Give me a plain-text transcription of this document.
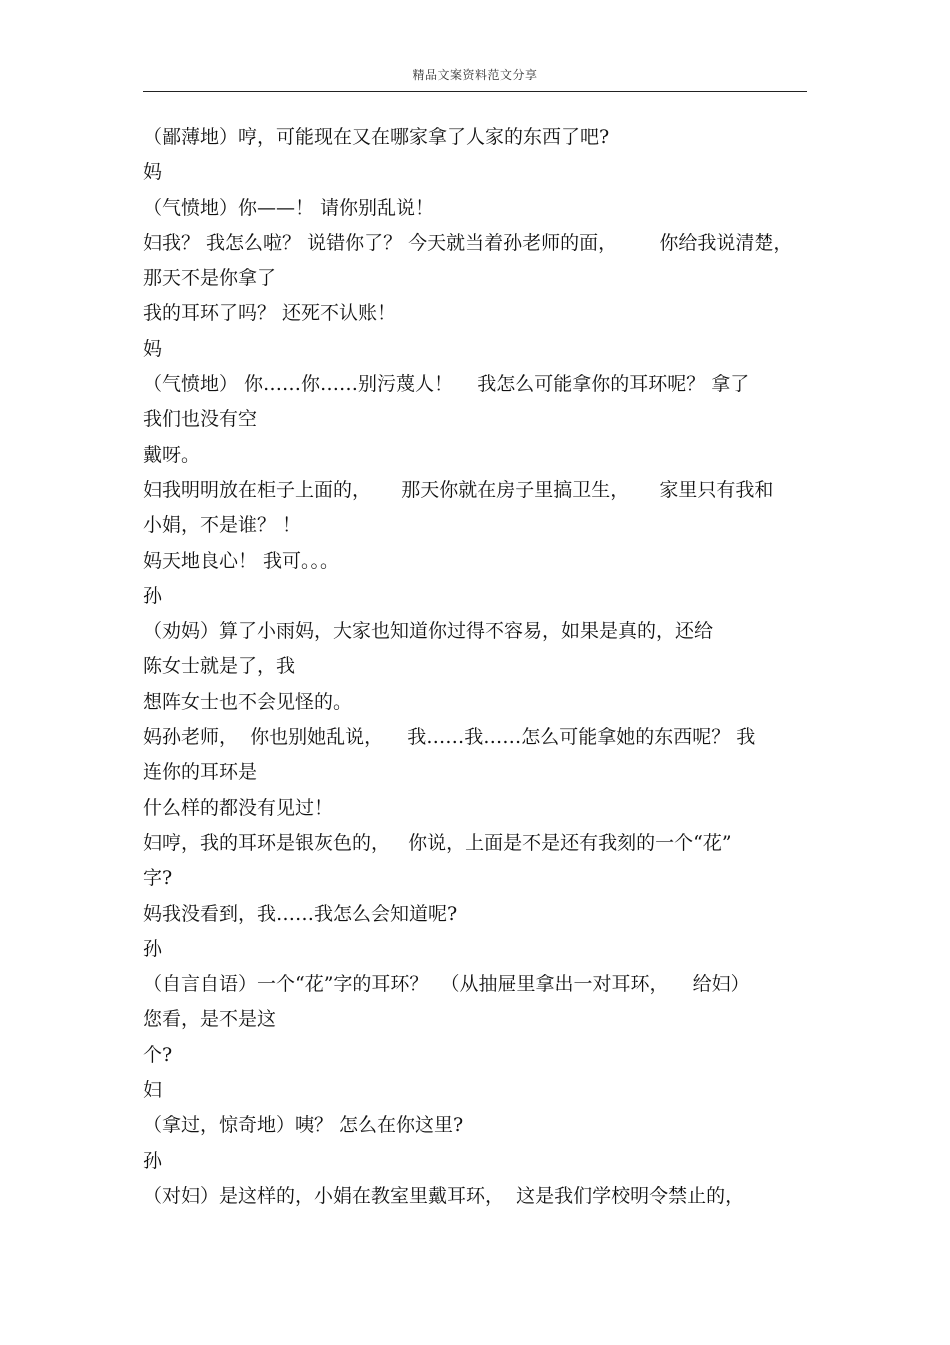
精品文案资料范文分享
（鄙薄地）哼，可能现在又在哪家拿了人家的东西了吧?
妈
（气愤地）你——！ 请你别乱说！
妇我？ 我怎么啦？ 说错你了？ 今天就当着孙老师的面，       你给我说清楚，
那天不是你拿了
我的耳环了吗？ 还死不认账！
妈
（气愤地） 你……你……别污蔑人！    我怎么可能拿你的耳环呢？ 拿了
我们也没有空
戴呀。
妇我明明放在柜子上面的，     那天你就在房子里搞卫生，     家里只有我和
小娟，不是谁？ ！
妈天地良心！ 我可。。。
孙
（劝妈）算了小雨妈，大家也知道你过得不容易，如果是真的，还给
陈女士就是了，我
想阵女士也不会见怪的。
妈孙老师，  你也别她乱说，    我……我……怎么可能拿她的东西呢？ 我
连你的耳环是
什么样的都没有见过！
妇哼，我的耳环是银灰色的，   你说，上面是不是还有我刻的一个“花”
字?
妈我没看到，我……我怎么会知道呢?
孙
（自言自语）一个“花”字的耳环？  （从抽屉里拿出一对耳环，    给妇）
您看，是不是这
个?
妇
（拿过，惊奇地）咦？ 怎么在你这里?
孙
（对妇）是这样的，小娟在教室里戴耳环，  这是我们学校明令禁止的，
